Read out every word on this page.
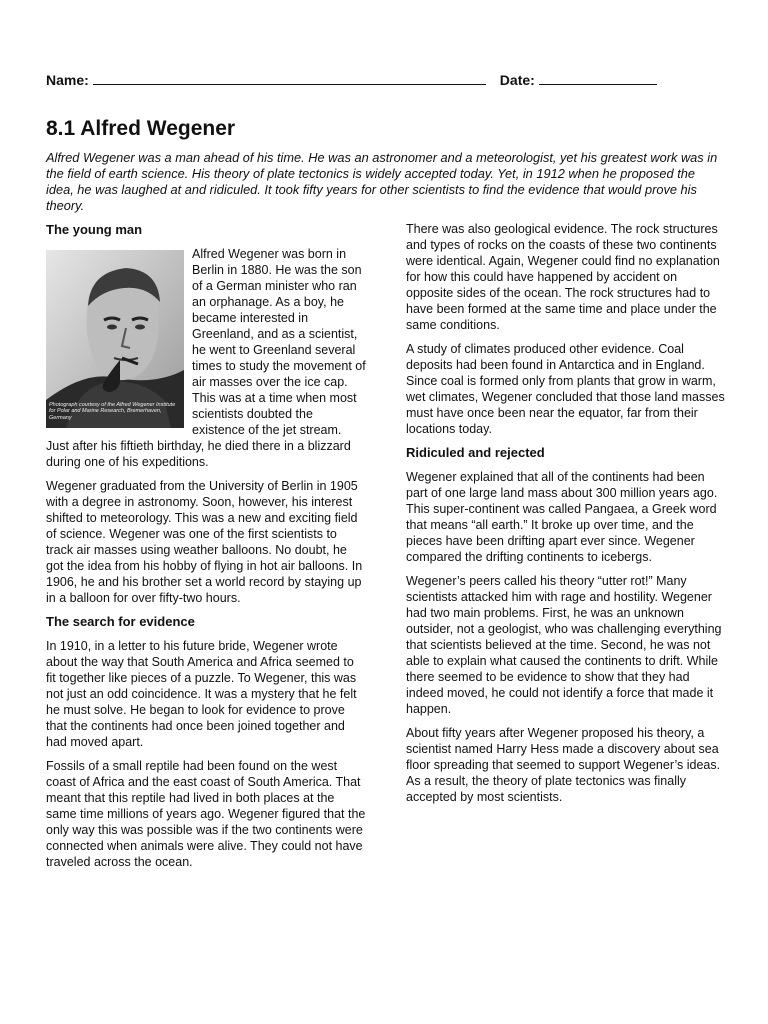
Name:	Date:
8.1 Alfred Wegener

Alfred Wegener was a man ahead of his time. He was an astronomer and a meteorologist, yet his greatest work was in the field of earth science. His theory of plate tectonics is widely accepted today. Yet, in 1912 when he proposed the idea, he was laughed at and ridiculed. It took fifty years for other scientists to find the evidence that would prove his theory.

The young man
Photograph courtesy of the Alfred Wegener Institute for Polar and Marine Research, Bremerhaven, Germany

Alfred Wegener was born in Berlin in 1880. He was the son of a German minister who ran an orphanage. As a boy, he became interested in Greenland, and as a scientist, he went to Greenland several times to study the movement of air masses over the ice cap. This was at a time when most scientists doubted the existence of the jet stream. Just after his fiftieth birthday, he died there in a blizzard during one of his expeditions.

Wegener graduated from the University of Berlin in 1905 with a degree in astronomy. Soon, however, his interest shifted to meteorology. This was a new and exciting field of science. Wegener was one of the first scientists to track air masses using weather balloons. No doubt, he got the idea from his hobby of flying in hot air balloons. In 1906, he and his brother set a world record by staying up in a balloon for over fifty-two hours.

The search for evidence

In 1910, in a letter to his future bride, Wegener wrote about the way that South America and Africa seemed to fit together like pieces of a puzzle. To Wegener, this was not just an odd coincidence. It was a mystery that he felt he must solve. He began to look for evidence to prove that the continents had once been joined together and had moved apart.

Fossils of a small reptile had been found on the west coast of Africa and the east coast of South America. That meant that this reptile had lived in both places at the same time millions of years ago. Wegener figured that the only way this was possible was if the two continents were connected when animals were alive. They could not have traveled across the ocean.

There was also geological evidence. The rock structures and types of rocks on the coasts of these two continents were identical. Again, Wegener could find no explanation for how this could have happened by accident on opposite sides of the ocean. The rock structures had to have been formed at the same time and place under the same conditions.

A study of climates produced other evidence. Coal deposits had been found in Antarctica and in England. Since coal is formed only from plants that grow in warm, wet climates, Wegener concluded that those land masses must have once been near the equator, far from their locations today.

Ridiculed and rejected

Wegener explained that all of the continents had been part of one large land mass about 300 million years ago. This super-continent was called Pangaea, a Greek word that means “all earth.” It broke up over time, and the pieces have been drifting apart ever since. Wegener compared the drifting continents to icebergs.

Wegener’s peers called his theory “utter rot!” Many scientists attacked him with rage and hostility. Wegener had two main problems. First, he was an unknown outsider, not a geologist, who was challenging everything that scientists believed at the time. Second, he was not able to explain what caused the continents to drift. While there seemed to be evidence to show that they had indeed moved, he could not identify a force that made it happen.

About fifty years after Wegener proposed his theory, a scientist named Harry Hess made a discovery about sea floor spreading that seemed to support Wegener’s ideas. As a result, the theory of plate tectonics was finally accepted by most scientists.
